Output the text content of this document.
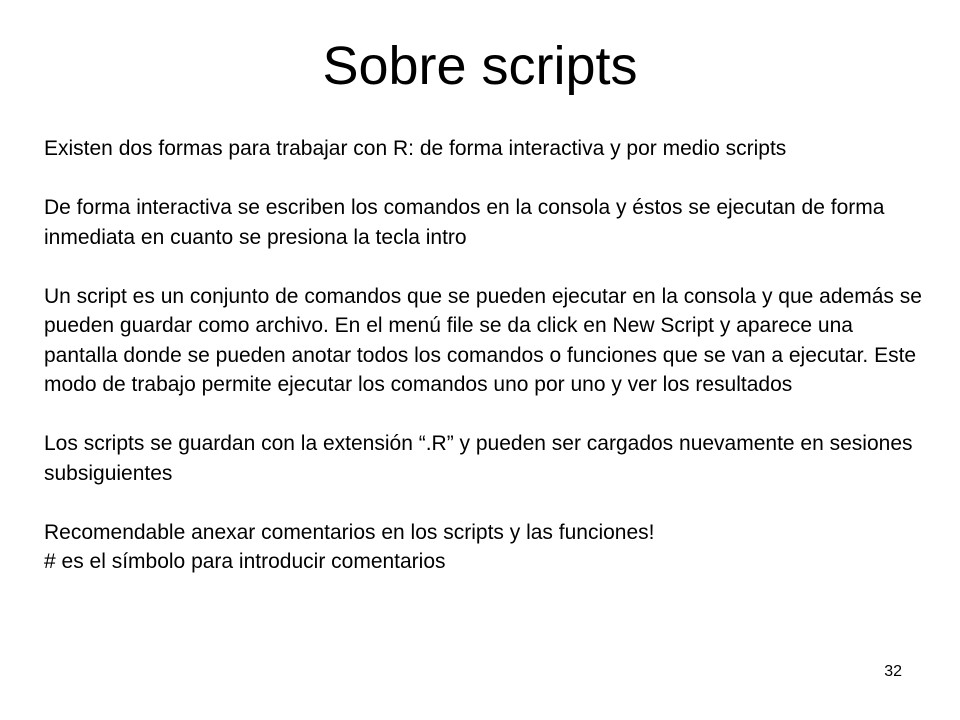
Sobre scripts

Existen dos formas para trabajar con R: de forma interactiva y por medio scripts

De forma interactiva se escriben los comandos en la consola y éstos se ejecutan de forma inmediata en cuanto se presiona la tecla intro

Un script es un conjunto de comandos que se pueden ejecutar en la consola y que además se pueden guardar como archivo. En el menú file se da click en New Script y aparece una pantalla donde se pueden anotar todos los comandos o funciones que se van a ejecutar. Este modo de trabajo permite ejecutar los comandos uno por uno y ver los resultados

Los scripts se guardan con la extensión “.R” y pueden ser cargados nuevamente en sesiones subsiguientes

Recomendable anexar comentarios en los scripts y las funciones!

# es el símbolo para introducir comentarios

32
